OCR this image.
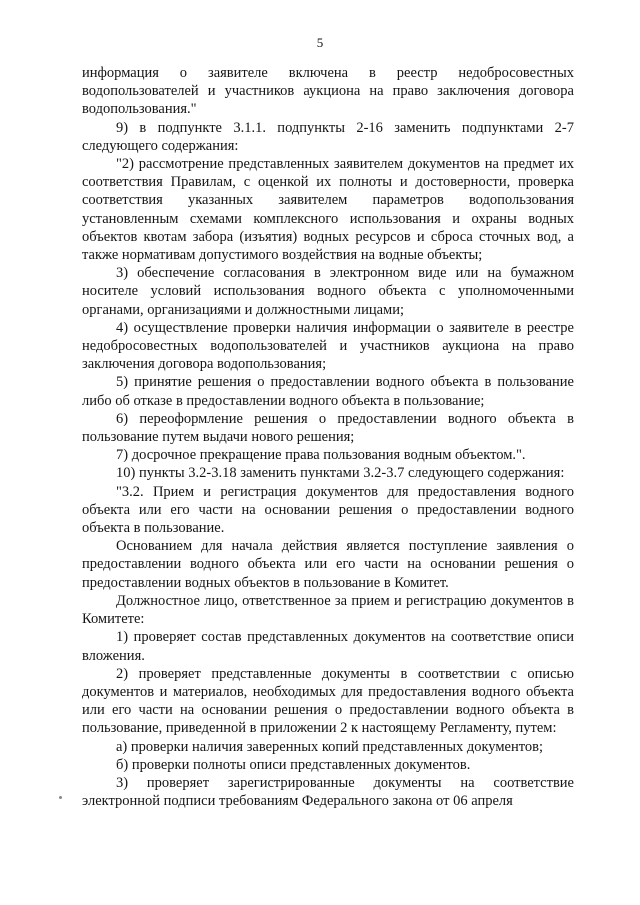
5

информация о заявителе включена в реестр недобросовестных водопользователей и участников аукциона на право заключения договора водопользования."

9) в подпункте 3.1.1. подпункты 2-16 заменить подпунктами 2-7 следующего содержания:

"2) рассмотрение представленных заявителем документов на предмет их соответствия Правилам, с оценкой их полноты и достоверности, проверка соответствия указанных заявителем параметров водопользования установленным схемами комплексного использования и охраны водных объектов квотам забора (изъятия) водных ресурсов и сброса сточных вод, а также нормативам допустимого воздействия на водные объекты;

3) обеспечение согласования в электронном виде или на бумажном носителе условий использования водного объекта с уполномоченными органами, организациями и должностными лицами;

4) осуществление проверки наличия информации о заявителе в реестре недобросовестных водопользователей и участников аукциона на право заключения договора водопользования;

5) принятие решения о предоставлении водного объекта в пользование либо об отказе в предоставлении водного объекта в пользование;

6) переоформление решения о предоставлении водного объекта в пользование путем выдачи нового решения;

7) досрочное прекращение права пользования водным объектом.".

10) пункты 3.2-3.18 заменить пунктами 3.2-3.7 следующего содержания:

"3.2. Прием и регистрация документов для предоставления водного объекта или его части на основании решения о предоставлении водного объекта в пользование.

Основанием для начала действия является поступление заявления о предоставлении водного объекта или его части на основании решения о предоставлении водных объектов в пользование в Комитет.

Должностное лицо, ответственное за прием и регистрацию документов в Комитете:

1) проверяет состав представленных документов на соответствие описи вложения.

2) проверяет представленные документы в соответствии с описью документов и материалов, необходимых для предоставления водного объекта или его части на основании решения о предоставлении водного объекта в пользование, приведенной в приложении 2 к настоящему Регламенту, путем:

а) проверки наличия заверенных копий представленных документов;

б) проверки полноты описи представленных документов.

3) проверяет зарегистрированные документы на соответствие электронной подписи требованиям Федерального закона от 06 апреля
